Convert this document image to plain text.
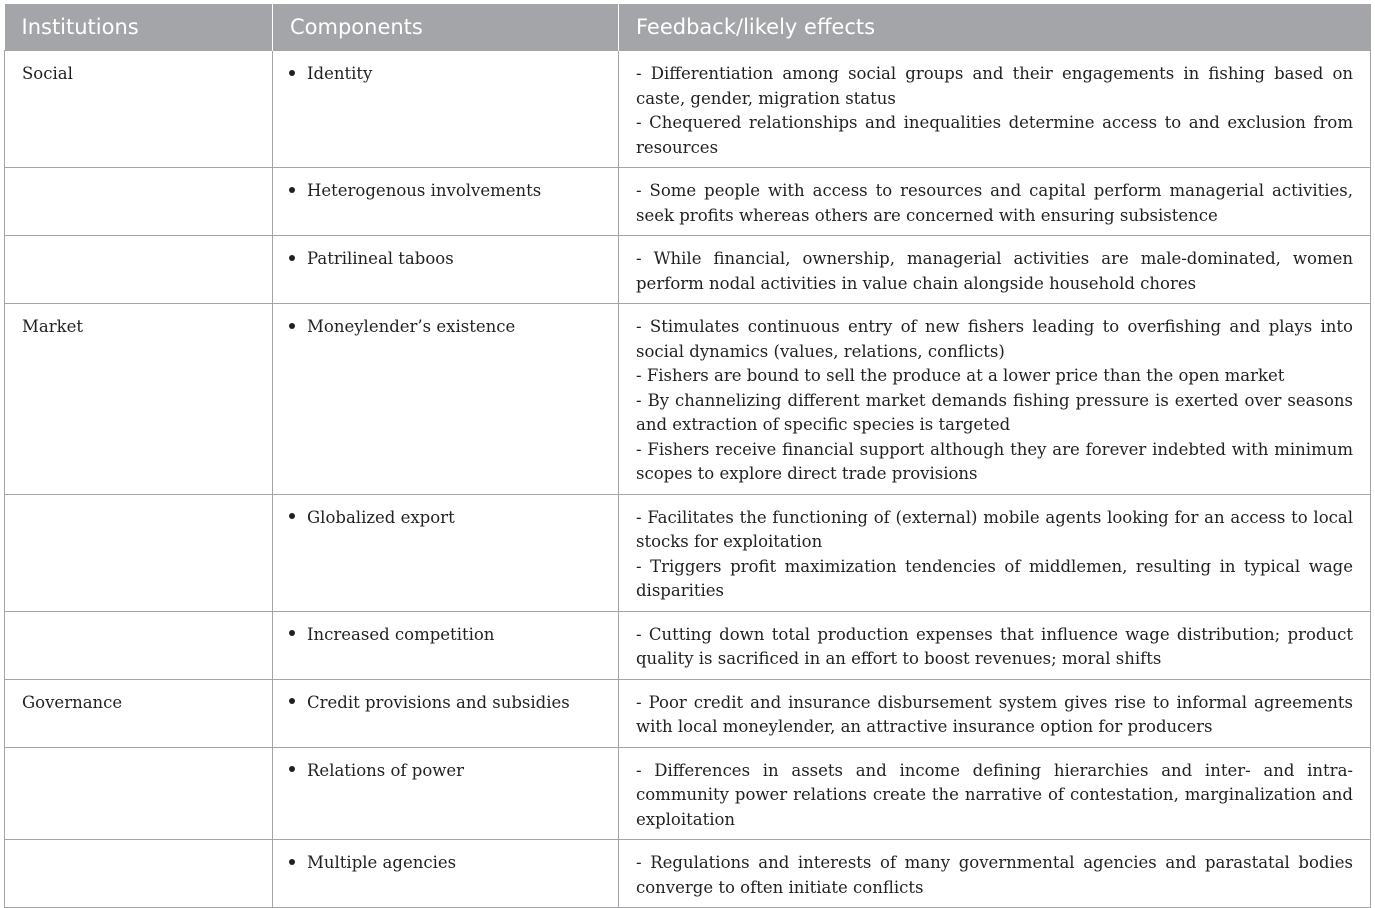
Institutions	Components	Feedback/likely effects
Social	Identity	- Differentiation among social groups and their engagements in fishing based on caste, gender, migration status
- Chequered relationships and inequalities determine access to and exclusion from resources

	Heterogenous involvements	- Some people with access to resources and capital perform managerial activities, seek profits whereas others are concerned with ensuring subsistence

	Patrilineal taboos	- While financial, ownership, managerial activities are male-dominated, women perform nodal activities in value chain alongside household chores

Market	Moneylender’s existence	- Stimulates continuous entry of new fishers leading to overfishing and plays into social dynamics (values, relations, conflicts)
- Fishers are bound to sell the produce at a lower price than the open market
- By channelizing different market demands fishing pressure is exerted over seasons and extraction of specific species is targeted
- Fishers receive financial support although they are forever indebted with minimum scopes to explore direct trade provisions

	Globalized export	- Facilitates the functioning of (external) mobile agents looking for an access to local stocks for exploitation
- Triggers profit maximization tendencies of middlemen, resulting in typical wage disparities

	Increased competition	- Cutting down total production expenses that influence wage distribution; product quality is sacrificed in an effort to boost revenues; moral shifts

Governance	Credit provisions and subsidies	- Poor credit and insurance disbursement system gives rise to informal agreements with local moneylender, an attractive insurance option for producers

	Relations of power	- Differences in assets and income defining hierarchies and inter- and intra-community power relations create the narrative of contestation, marginalization and exploitation

	Multiple agencies	- Regulations and interests of many governmental agencies and parastatal bodies converge to often initiate conflicts
